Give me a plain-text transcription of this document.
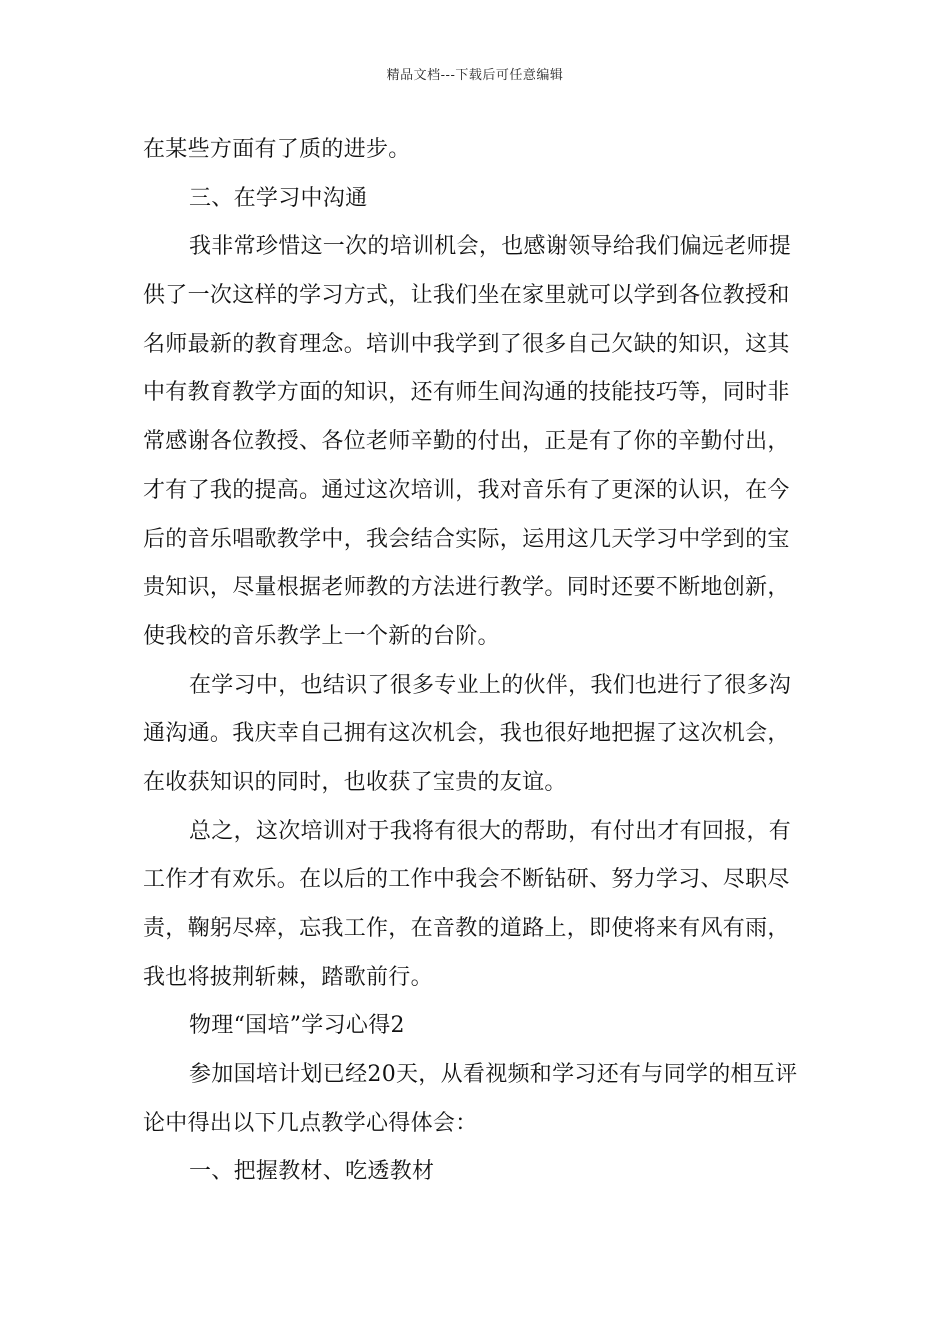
精品文档---下载后可任意编辑
在某些方面有了质的进步。
三、在学习中沟通
我非常珍惜这一次的培训机会，也感谢领导给我们偏远老师提
供了一次这样的学习方式，让我们坐在家里就可以学到各位教授和
名师最新的教育理念。培训中我学到了很多自己欠缺的知识，这其
中有教育教学方面的知识，还有师生间沟通的技能技巧等，同时非
常感谢各位教授、各位老师辛勤的付出，正是有了你的辛勤付出，
才有了我的提高。通过这次培训，我对音乐有了更深的认识，在今
后的音乐唱歌教学中，我会结合实际，运用这几天学习中学到的宝
贵知识，尽量根据老师教的方法进行教学。同时还要不断地创新，
使我校的音乐教学上一个新的台阶。
在学习中，也结识了很多专业上的伙伴，我们也进行了很多沟
通沟通。我庆幸自己拥有这次机会，我也很好地把握了这次机会，
在收获知识的同时，也收获了宝贵的友谊。
总之，这次培训对于我将有很大的帮助，有付出才有回报，有
工作才有欢乐。在以后的工作中我会不断钻研、努力学习、尽职尽
责，鞠躬尽瘁，忘我工作，在音教的道路上，即使将来有风有雨，
我也将披荆斩棘，踏歌前行。
物理“国培”学习心得2
参加国培计划已经20天，从看视频和学习还有与同学的相互评
论中得出以下几点教学心得体会：
一、把握教材、吃透教材
